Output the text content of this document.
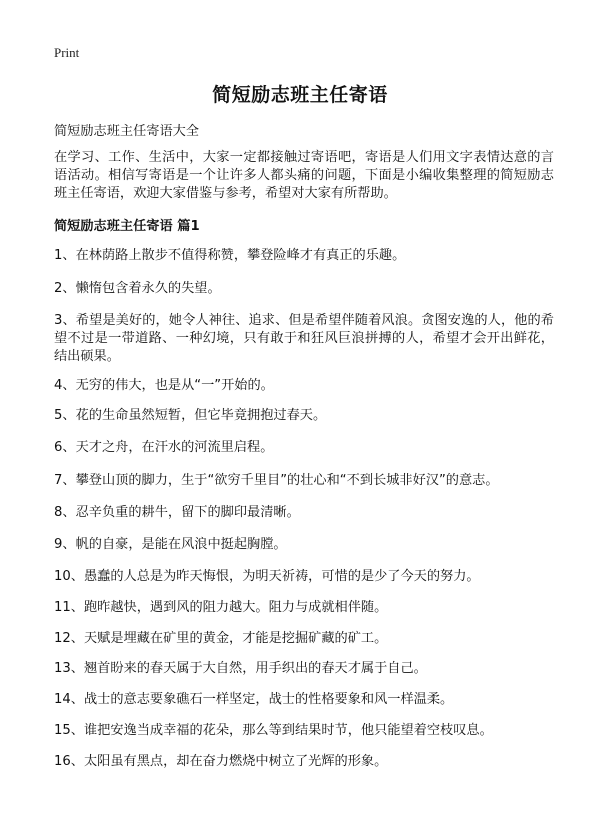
Print
简短励志班主任寄语

简短励志班主任寄语大全

在学习、工作、生活中，大家一定都接触过寄语吧，寄语是人们用文字表情达意的言语活动。相信写寄语是一个让许多人都头痛的问题，下面是小编收集整理的简短励志班主任寄语，欢迎大家借鉴与参考，希望对大家有所帮助。

简短励志班主任寄语 篇1

1、在林荫路上散步不值得称赞，攀登险峰才有真正的乐趣。

2、懒惰包含着永久的失望。

3、希望是美好的，她令人神往、追求、但是希望伴随着风浪。贪图安逸的人，他的希望不过是一带道路、一种幻境，只有敢于和狂风巨浪拼搏的人，希望才会开出鲜花，结出硕果。

4、无穷的伟大，也是从“一”开始的。

5、花的生命虽然短暂，但它毕竟拥抱过春天。

6、天才之舟，在汗水的河流里启程。

7、攀登山顶的脚力，生于“欲穷千里目”的壮心和“不到长城非好汉”的意志。

8、忍辛负重的耕牛，留下的脚印最清晰。

9、帆的自豪，是能在风浪中挺起胸膛。

10、愚蠢的人总是为昨天悔恨，为明天祈祷，可惜的是少了今天的努力。

11、跑昨越快，遇到风的阻力越大。阻力与成就相伴随。

12、天赋是埋藏在矿里的黄金，才能是挖掘矿藏的矿工。

13、翘首盼来的春天属于大自然，用手织出的春天才属于自己。

14、战士的意志要象礁石一样坚定，战士的性格要象和风一样温柔。

15、谁把安逸当成幸福的花朵，那么等到结果时节，他只能望着空枝叹息。

16、太阳虽有黑点，却在奋力燃烧中树立了光辉的形象。
